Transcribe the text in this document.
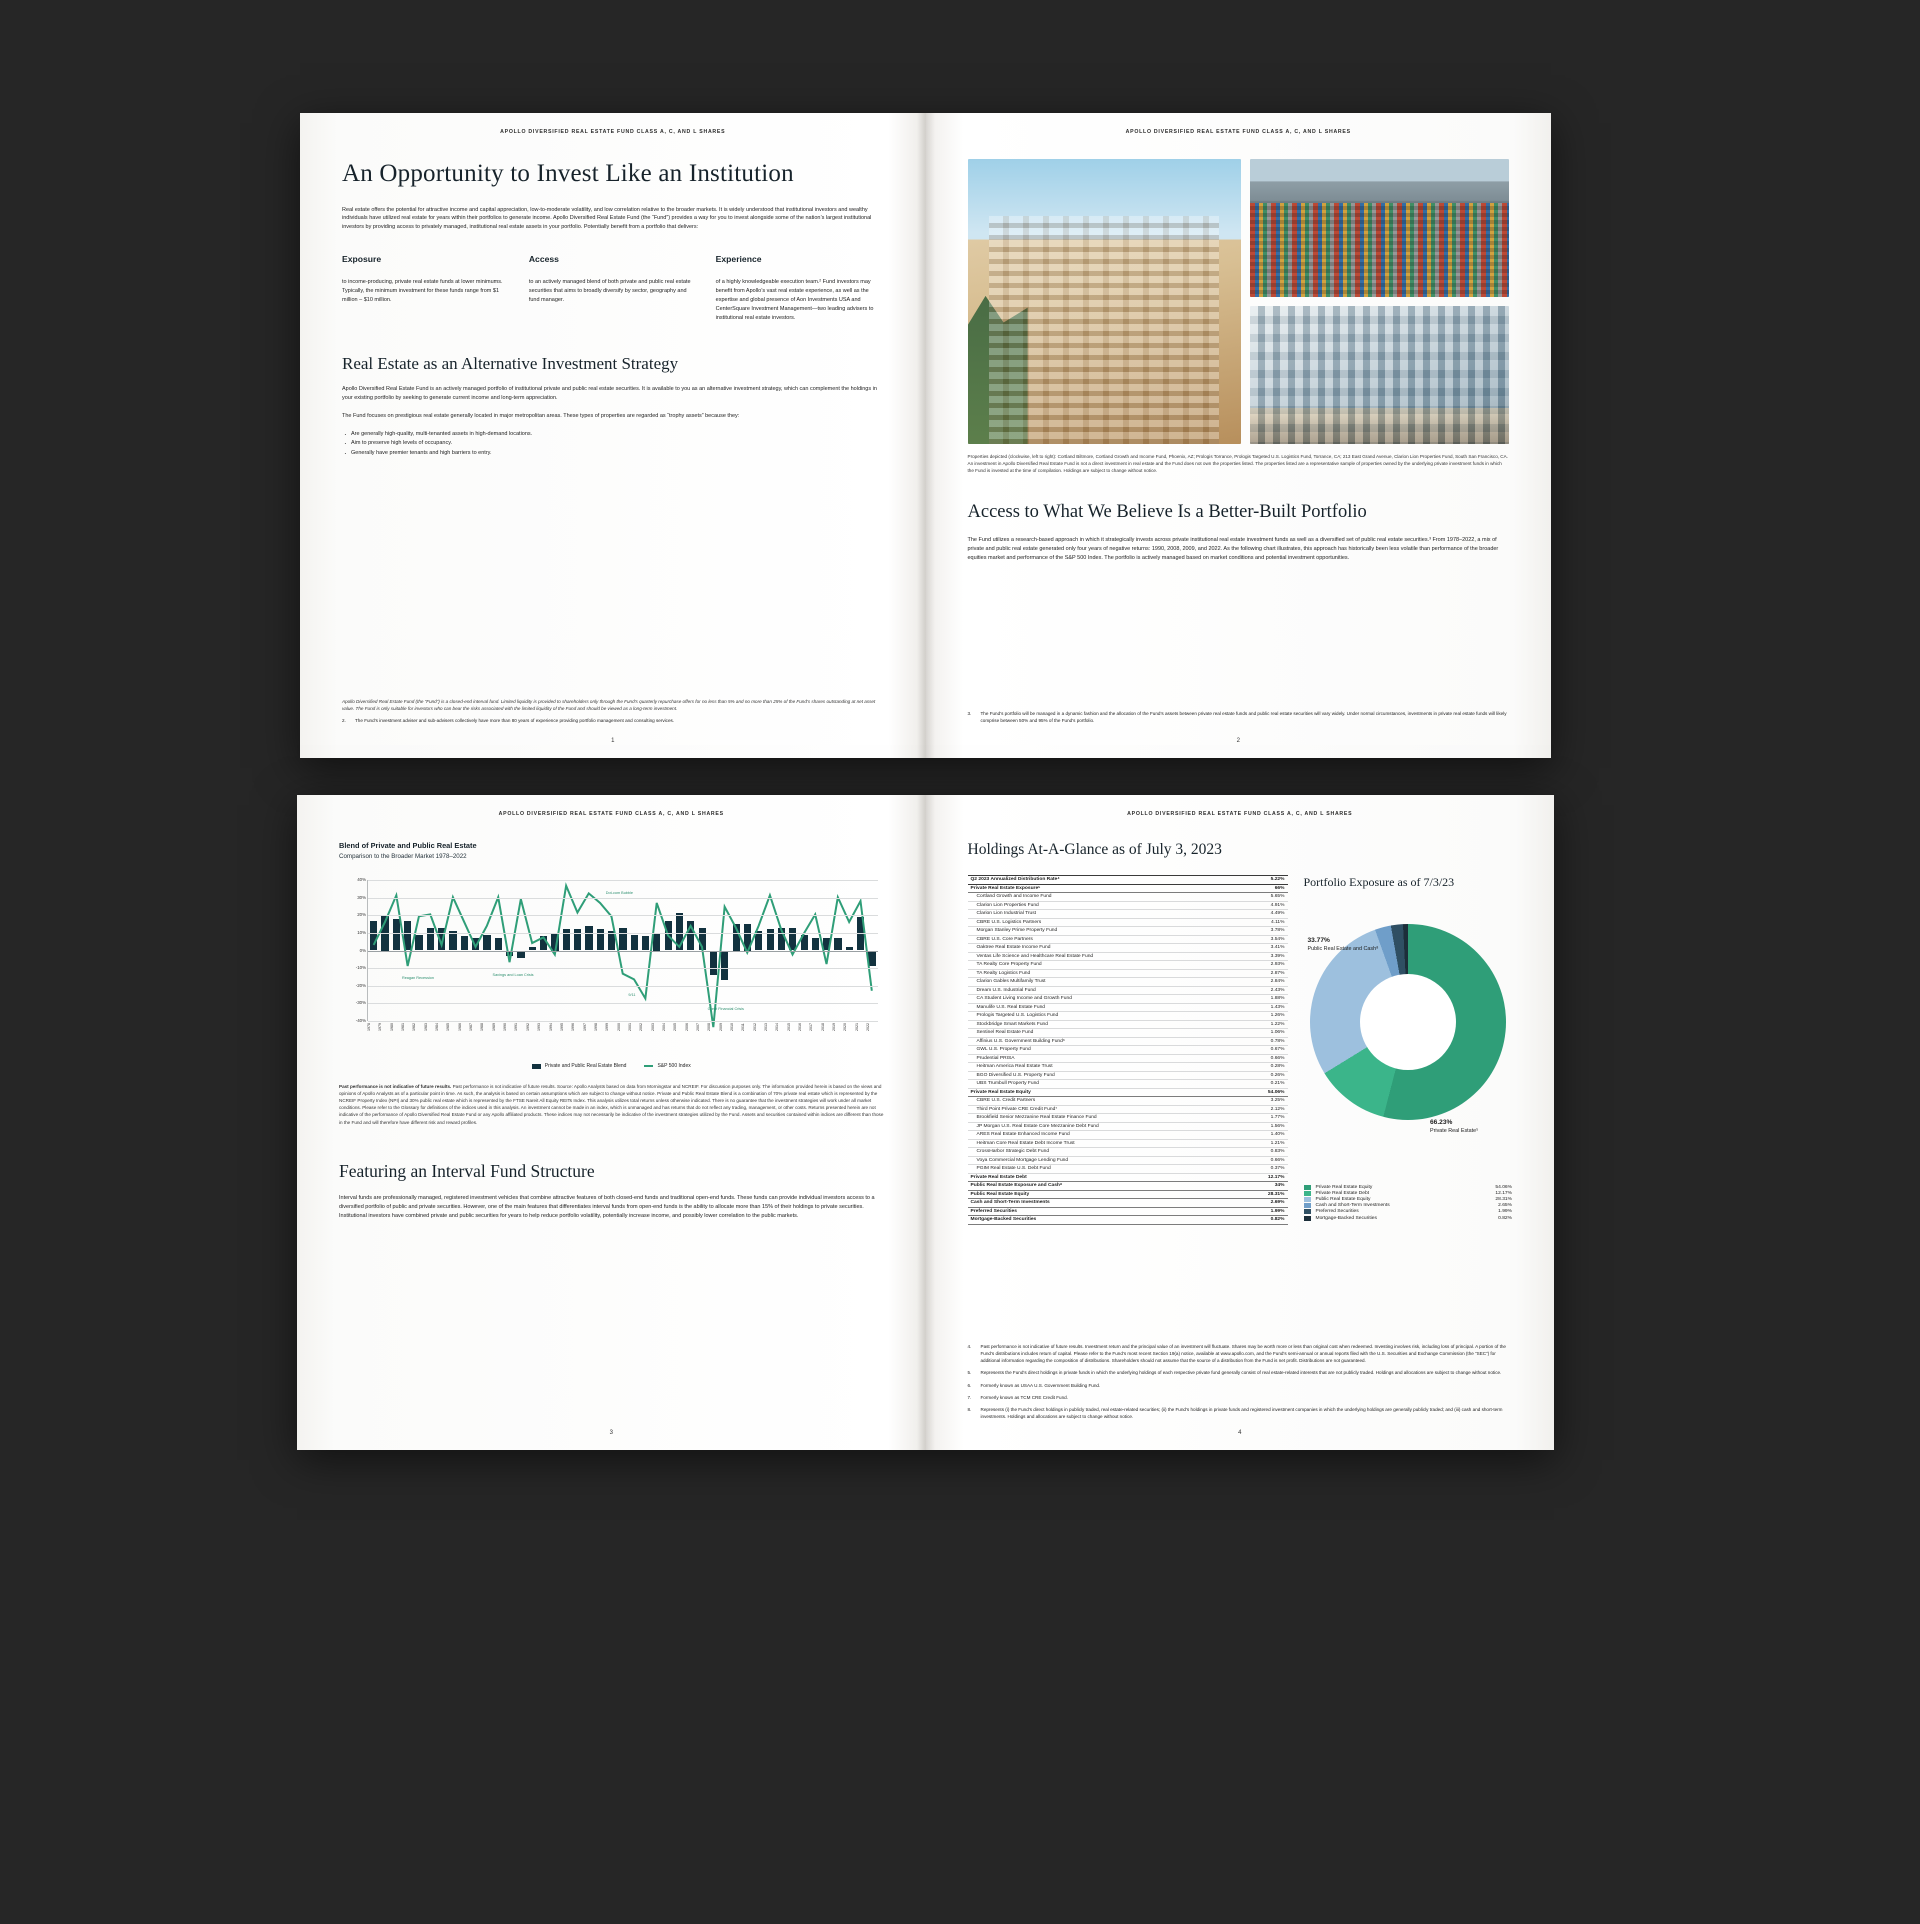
APOLLO DIVERSIFIED REAL ESTATE FUND CLASS A, C, AND L SHARES
An Opportunity to Invest Like an Institution

Real estate offers the potential for attractive income and capital appreciation, low-to-moderate volatility, and low correlation relative to the broader markets. It is widely understood that institutional investors and wealthy individuals have utilized real estate for years within their portfolios to generate income. Apollo Diversified Real Estate Fund (the “Fund”) provides a way for you to invest alongside some of the nation’s largest institutional investors by providing access to privately managed, institutional real estate assets in your portfolio. Potentially benefit from a portfolio that delivers:

Exposure

to income-producing, private real estate funds at lower minimums. Typically, the minimum investment for these funds range from $1 million – $10 million.

Access

to an actively managed blend of both private and public real estate securities that aims to broadly diversify by sector, geography and fund manager.

Experience

of a highly knowledgeable execution team.² Fund investors may benefit from Apollo’s vast real estate experience, as well as the expertise and global presence of Aon Investments USA and CenterSquare Investment Management—two leading advisers to institutional real estate investors.

Real Estate as an Alternative Investment Strategy

Apollo Diversified Real Estate Fund is an actively managed portfolio of institutional private and public real estate securities. It is available to you as an alternative investment strategy, which can complement the holdings in your existing portfolio by seeking to generate current income and long-term appreciation.

The Fund focuses on prestigious real estate generally located in major metropolitan areas. These types of properties are regarded as “trophy assets” because they:

· Are generally high-quality, multi-tenanted assets in high-demand locations.
· Aim to preserve high levels of occupancy.
· Generally have premier tenants and high barriers to entry.
Apollo Diversified Real Estate Fund (the “Fund”) is a closed-end interval fund. Limited liquidity is provided to shareholders only through the Fund’s quarterly repurchase offers for no less than 5% and no more than 25% of the Fund’s shares outstanding at net asset value. The Fund is only suitable for investors who can bear the risks associated with the limited liquidity of the Fund and should be viewed as a long-term investment.
2.	The Fund’s investment adviser and sub-advisers collectively have more than 80 years of experience providing portfolio management and consulting services.
1
APOLLO DIVERSIFIED REAL ESTATE FUND CLASS A, C, AND L SHARES
Properties depicted (clockwise, left to right): Cortland Biltmore, Cortland Growth and Income Fund, Phoenix, AZ; Prologis Torrance, Prologis Targeted U.S. Logistics Fund, Torrance, CA; 213 East Grand Avenue, Clarion Lion Properties Fund, South San Francisco, CA. An investment in Apollo Diversified Real Estate Fund is not a direct investment in real estate and the Fund does not own the properties listed. The properties listed are a representative sample of properties owned by the underlying private investment funds in which the Fund is invested at the time of compilation. Holdings are subject to change without notice.
Access to What We Believe Is a Better-Built Portfolio

The Fund utilizes a research-based approach in which it strategically invests across private institutional real estate investment funds as well as a diversified set of public real estate securities.³ From 1978–2022, a mix of private and public real estate generated only four years of negative returns: 1990, 2008, 2009, and 2022. As the following chart illustrates, this approach has historically been less volatile than performance of the broader equities market and performance of the S&P 500 Index. The portfolio is actively managed based on market conditions and potential investment opportunities.

3.	The Fund’s portfolio will be managed in a dynamic fashion and the allocation of the Fund’s assets between private real estate funds and public real estate securities will vary widely. Under normal circumstances, investments in private real estate funds will likely comprise between 50% and 95% of the Fund’s portfolio.
2
APOLLO DIVERSIFIED REAL ESTATE FUND CLASS A, C, AND L SHARES

Blend of Private and Public Real Estate

Comparison to the Broader Market 1978–2022

40%
30%
20%
10%
0%
-10%
-20%
-30%
-40%
Dot-com Bubble
Reagan Recession
Savings and Loan Crisis
9/11
Great Financial Crisis
1978	1979	1980	1981	1982	1983	1984	1985	1986	1987	1988	1989	1990	1991	1992	1993	1994	1995	1996	1997	1998	1999	2000	2001	2002	2003	2004	2005	2006	2007	2008	2009	2010	2011	2012	2013	2014	2015	2016	2017	2018	2019	2020	2021	2022
Private and Public Real Estate Blend	S&P 500 Index
Past performance is not indicative of future results. Past performance is not indicative of future results. Source: Apollo Analysts based on data from Morningstar and NCREIF. For discussion purposes only. The information provided herein is based on the views and opinions of Apollo Analysts as of a particular point in time. As such, the analysis is based on certain assumptions which are subject to change without notice. Private and Public Real Estate Blend is a combination of 70% private real estate which is represented by the NCREIF Property Index (NPI) and 30% public real estate which is represented by the FTSE Nareit All Equity REITs Index. This analysis utilizes total returns unless otherwise indicated. There is no guarantee that the investment strategies will work under all market conditions. Please refer to the Glossary for definitions of the indices used in this analysis. An investment cannot be made in an index, which is unmanaged and has returns that do not reflect any trading, management, or other costs. Returns presented herein are not indicative of the performance of Apollo Diversified Real Estate Fund or any Apollo affiliated products. These indices may not necessarily be indicative of the investment strategies utilized by the Fund. Assets and securities contained within indices are different than those in the Fund and will therefore have different risk and reward profiles.
Featuring an Interval Fund Structure

Interval funds are professionally managed, registered investment vehicles that combine attractive features of both closed-end funds and traditional open-end funds. These funds can provide individual investors access to a diversified portfolio of public and private securities. However, one of the main features that differentiates interval funds from open-end funds is the ability to allocate more than 15% of their holdings to private securities. Institutional investors have combined private and public securities for years to help reduce portfolio volatility, potentially increase income, and possibly lower correlation to the public markets.

3
APOLLO DIVERSIFIED REAL ESTATE FUND CLASS A, C, AND L SHARES
Holdings At-A-Glance as of July 3, 2023
Q2 2023 Annualized Distribution Rate⁴	5.22%
Private Real Estate Exposure⁵	66%
Cortland Growth and Income Fund	5.65%
Clarion Lion Properties Fund	4.91%
Clarion Lion Industrial Trust	4.49%
CBRE U.S. Logistics Partners	4.11%
Morgan Stanley Prime Property Fund	3.78%
CBRE U.S. Core Partners	3.54%
Oaktree Real Estate Income Fund	3.41%
Ventas Life Science and Healthcare Real Estate Fund	3.39%
TA Realty Core Property Fund	2.93%
TA Realty Logistics Fund	2.87%
Clarion Gables Multifamily Trust	2.84%
Dream U.S. Industrial Fund	2.43%
CA Student Living Income and Growth Fund	1.88%
Manulife U.S. Real Estate Fund	1.43%
Prologis Targeted U.S. Logistics Fund	1.26%
Stockbridge Smart Markets Fund	1.22%
Sentinel Real Estate Fund	1.06%
Affinius U.S. Government Building Fund⁶	0.78%
GWL U.S. Property Fund	0.67%
Prudential PRISA	0.66%
Heitman America Real Estate Trust	0.28%
BGO Diversified U.S. Property Fund	0.26%
UBS Trumbull Property Fund	0.21%
Private Real Estate Equity	54.06%
CBRE U.S. Credit Partners	3.25%
Third Point Private CRE Credit Fund⁷	2.12%
Brookfield Senior Mezzanine Real Estate Finance Fund	1.77%
JP Morgan U.S. Real Estate Core Mezzanine Debt Fund	1.56%
ARES Real Estate Enhanced Income Fund	1.40%
Heitman Core Real Estate Debt Income Trust	1.21%
CrossHarbor Strategic Debt Fund	0.83%
Voya Commercial Mortgage Lending Fund	0.66%
PGIM Real Estate U.S. Debt Fund	0.37%
Private Real Estate Debt	12.17%
Public Real Estate Exposure and Cash⁸	34%
Public Real Estate Equity	28.31%
Cash and Short-Term Investments	2.69%
Preferred Securities	1.99%
Mortgage-Backed Securities	0.82%

Portfolio Exposure as of 7/3/23

33.77%
Public Real Estate and Cash⁸
66.23%
Private Real Estate⁵
Private Real Estate Equity	54.06%
Private Real Estate Debt	12.17%
Public Real Estate Equity	28.31%
Cash and Short-Term Investments	2.65%
Preferred Securities	1.99%
Mortgage-Backed Securities	0.82%
4.	Past performance is not indicative of future results. Investment return and the principal value of an investment will fluctuate. Shares may be worth more or less than original cost when redeemed. Investing involves risk, including loss of principal. A portion of the Fund’s distributions includes return of capital. Please refer to the Fund’s most recent Section 19(a) notice, available at www.apollo.com, and the Fund’s semi-annual or annual reports filed with the U.S. Securities and Exchange Commission (the “SEC”) for additional information regarding the composition of distributions. Shareholders should not assume that the source of a distribution from the Fund is net profit. Distributions are not guaranteed.
5.	Represents the Fund’s direct holdings in private funds in which the underlying holdings of each respective private fund generally consist of real estate-related interests that are not publicly traded. Holdings and allocations are subject to change without notice.
6.	Formerly known as USAA U.S. Government Building Fund.
7.	Formerly known as TCM CRE Credit Fund.
8.	Represents (i) the Fund’s direct holdings in publicly traded, real estate-related securities; (ii) the Fund’s holdings in private funds and registered investment companies in which the underlying holdings are generally publicly traded; and (iii) cash and short-term investments. Holdings and allocations are subject to change without notice.
4
